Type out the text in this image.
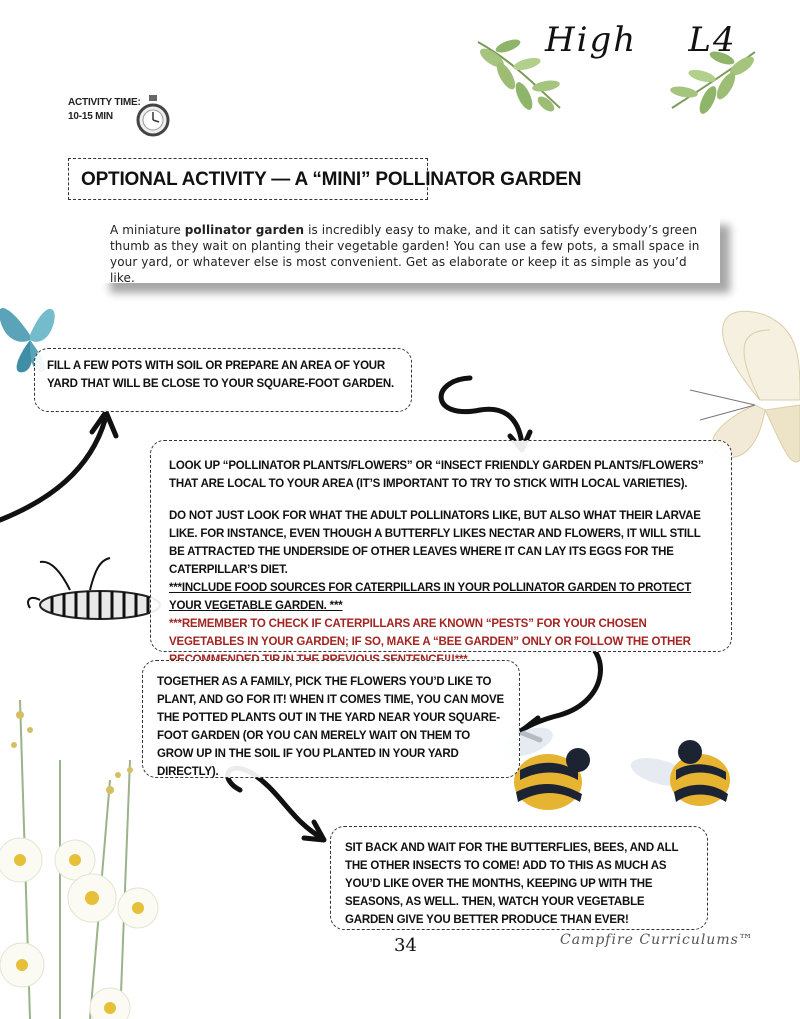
High    L4
ACTIVITY TIME:
10-15 MIN
OPTIONAL ACTIVITY — A “MINI” POLLINATOR GARDEN
A miniature pollinator garden is incredibly easy to make, and it can satisfy everybody’s green thumb as they wait on planting their vegetable garden! You can use a few pots, a small space in your yard, or whatever else is most convenient. Get as elaborate or keep it as simple as you’d like.
FILL A FEW POTS WITH SOIL OR PREPARE AN AREA OF YOUR YARD THAT WILL BE CLOSE TO YOUR SQUARE-FOOT GARDEN.
LOOK UP “POLLINATOR PLANTS/FLOWERS” OR “INSECT FRIENDLY GARDEN PLANTS/FLOWERS” THAT ARE LOCAL TO YOUR AREA (IT’S IMPORTANT TO TRY TO STICK WITH LOCAL VARIETIES).
DO NOT JUST LOOK FOR WHAT THE ADULT POLLINATORS LIKE, BUT ALSO WHAT THEIR LARVAE LIKE. FOR INSTANCE, EVEN THOUGH A BUTTERFLY LIKES NECTAR AND FLOWERS, IT WILL STILL BE ATTRACTED THE UNDERSIDE OF OTHER LEAVES WHERE IT CAN LAY ITS EGGS FOR THE CATERPILLAR’S DIET.
***INCLUDE FOOD SOURCES FOR CATERPILLARS IN YOUR POLLINATOR GARDEN TO PROTECT YOUR VEGETABLE GARDEN. ***
***REMEMBER TO CHECK IF CATERPILLARS ARE KNOWN “PESTS” FOR YOUR CHOSEN VEGETABLES IN YOUR GARDEN; IF SO, MAKE A “BEE GARDEN” ONLY OR FOLLOW THE OTHER
TOGETHER AS A FAMILY, PICK THE FLOWERS YOU’D LIKE TO PLANT, AND GO FOR IT! WHEN IT COMES TIME, YOU CAN MOVE THE POTTED PLANTS OUT IN THE YARD NEAR YOUR SQUARE-FOOT GARDEN (OR YOU CAN MERELY WAIT ON THEM TO GROW UP IN THE SOIL IF YOU PLANTED IN YOUR YARD DIRECTLY).
SIT BACK AND WAIT FOR THE BUTTERFLIES, BEES, AND ALL THE OTHER INSECTS TO COME! ADD TO THIS AS MUCH AS YOU’D LIKE OVER THE MONTHS, KEEPING UP WITH THE SEASONS, AS WELL. THEN, WATCH YOUR VEGETABLE GARDEN GIVE YOU BETTER PRODUCE THAN EVER!
34	Campfire Curriculums™
